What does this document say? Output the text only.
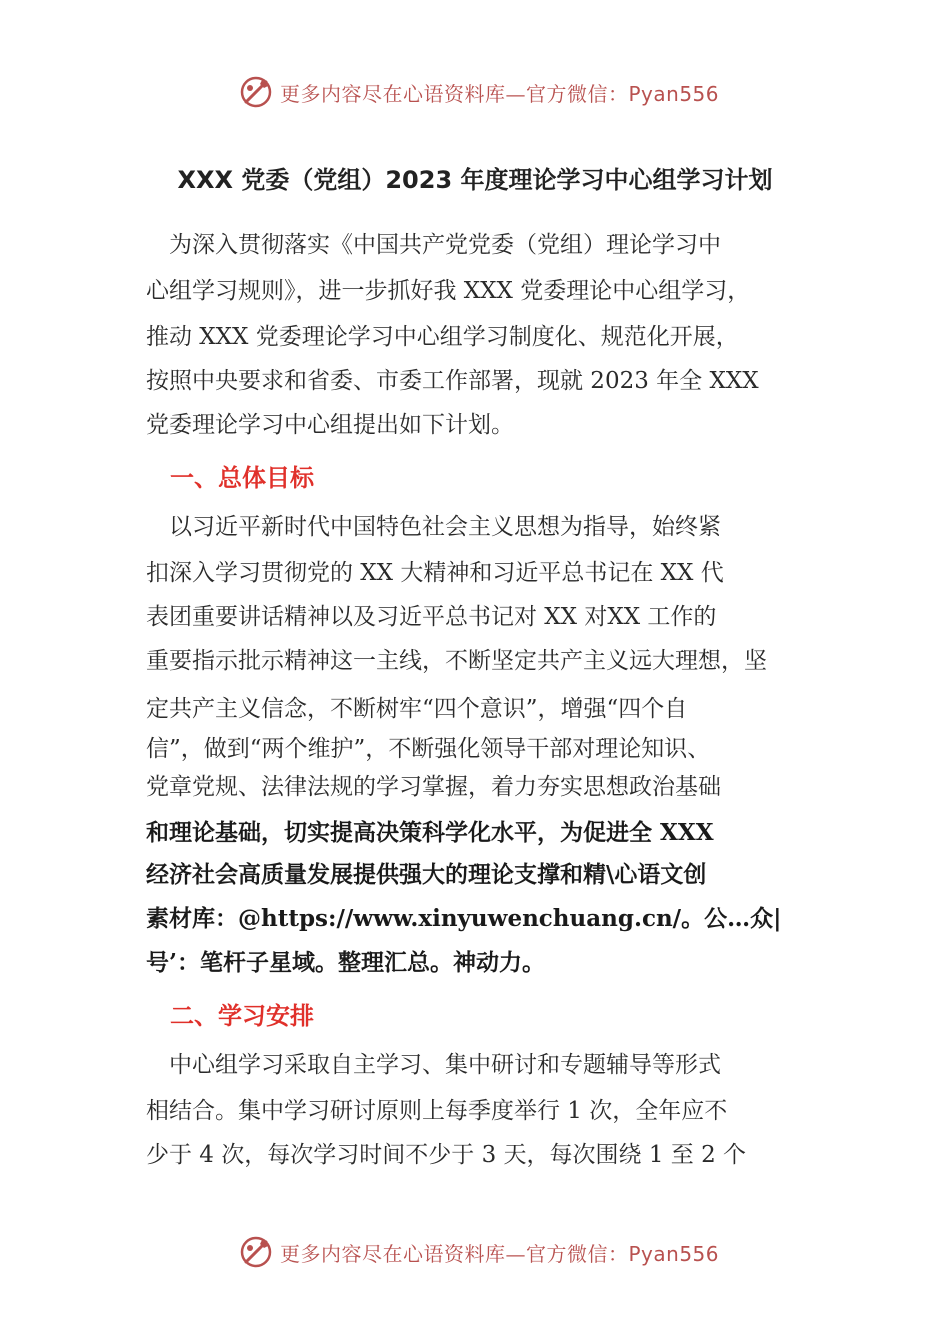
更多内容尽在心语资料库—官方微信：Pyan556
XXX 党委（党组）2023 年度理论学习中心组学习计划
　为深入贯彻落实《中国共产党党委（党组）理论学习中
心组学习规则》，进一步抓好我 XXX 党委理论中心组学习，
推动 XXX 党委理论学习中心组学习制度化、规范化开展，
按照中央要求和省委、市委工作部署，现就 2023 年全 XXX
党委理论学习中心组提出如下计划。
一、总体目标
　以习近平新时代中国特色社会主义思想为指导，始终紧
扣深入学习贯彻党的 XX 大精神和习近平总书记在 XX 代
表团重要讲话精神以及习近平总书记对 XX 对XX 工作的
重要指示批示精神这一主线，不断坚定共产主义远大理想，坚
定共产主义信念，不断树牢“四个意识”，增强“四个自
信”，做到“两个维护”，不断强化领导干部对理论知识、
党章党规、法律法规的学习掌握，着力夯实思想政治基础
和理论基础，切实提高决策科学化水平，为促进全 XXX
经济社会高质量发展提供强大的理论支撑和精\心语文创
素材库：@https://www.xinyuwenchuang.cn/。公…众|
号’：笔杆子星域。整理汇总。神动力。
二、学习安排
　中心组学习采取自主学习、集中研讨和专题辅导等形式
相结合。集中学习研讨原则上每季度举行 1 次，全年应不
少于 4 次，每次学习时间不少于 3 天，每次围绕 1 至 2 个
更多内容尽在心语资料库—官方微信：Pyan556
